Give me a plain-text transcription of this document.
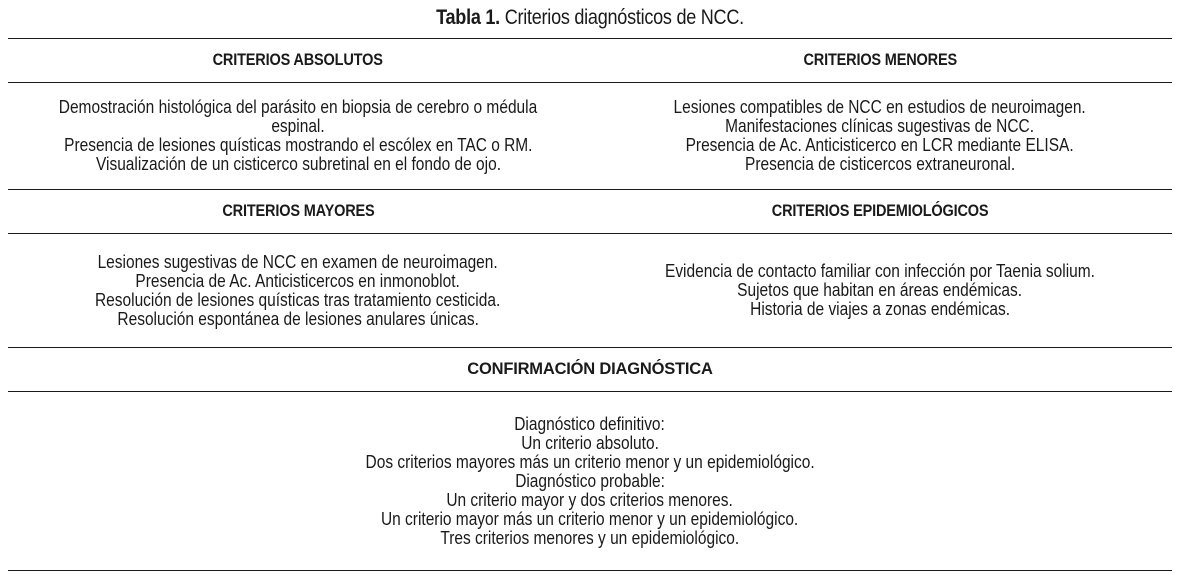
Tabla 1.
Criterios diagnósticos de NCC.
CRITERIOS ABSOLUTOS	CRITERIOS MENORES
Demostración histológica del parásito en biopsia de cerebro o médula espinal.
Presencia de lesiones quísticas mostrando el escólex en TAC o RM.
Visualización de un cisticerco subretinal en el fondo de ojo.
Lesiones compatibles de NCC en estudios de neuroimagen.
Manifestaciones clínicas sugestivas de NCC.
Presencia de Ac. Anticisticerco en LCR mediante ELISA.
Presencia de cisticercos extraneuronal.
CRITERIOS MAYORES	CRITERIOS EPIDEMIOLÓGICOS
Lesiones sugestivas de NCC en examen de neuroimagen.
Presencia de Ac. Anticisticercos en inmonoblot.
Resolución de lesiones quísticas tras tratamiento cesticida.
Resolución espontánea de lesiones anulares únicas.
Evidencia de contacto familiar con infección por Taenia solium.
Sujetos que habitan en áreas endémicas.
Historia de viajes a zonas endémicas.
CONFIRMACIÓN DIAGNÓSTICA
Diagnóstico definitivo:
Un criterio absoluto.
Dos criterios mayores más un criterio menor y un epidemiológico.
Diagnóstico probable:
Un criterio mayor y dos criterios menores.
Un criterio mayor más un criterio menor y un epidemiológico.
Tres criterios menores y un epidemiológico.
